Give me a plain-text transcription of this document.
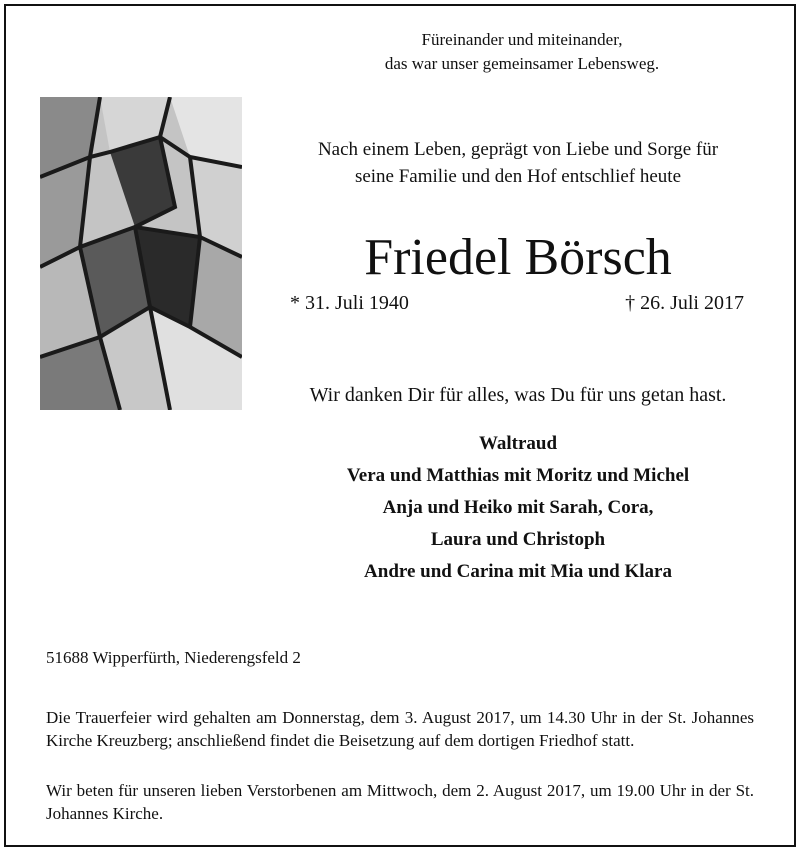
Füreinander und miteinander,
das war unser gemeinsamer Lebensweg.
Nach einem Leben, geprägt von Liebe und Sorge für
seine Familie und den Hof entschlief heute
Friedel Börsch
* 31. Juli 1940	† 26. Juli 2017
Wir danken Dir für alles, was Du für uns getan hast.
Waltraud
Vera und Matthias mit Moritz und Michel
Anja und Heiko mit Sarah, Cora,
Laura und Christoph
Andre und Carina mit Mia und Klara
51688 Wipperfürth, Niederengsfeld 2
Die Trauerfeier wird gehalten am Donnerstag, dem 3. August 2017, um 14.30 Uhr in der St. Johannes Kirche Kreuzberg; anschließend findet die Beisetzung auf dem dortigen Friedhof statt.
Wir beten für unseren lieben Verstorbenen am Mittwoch, dem 2. August 2017, um 19.00 Uhr in der St. Johannes Kirche.
